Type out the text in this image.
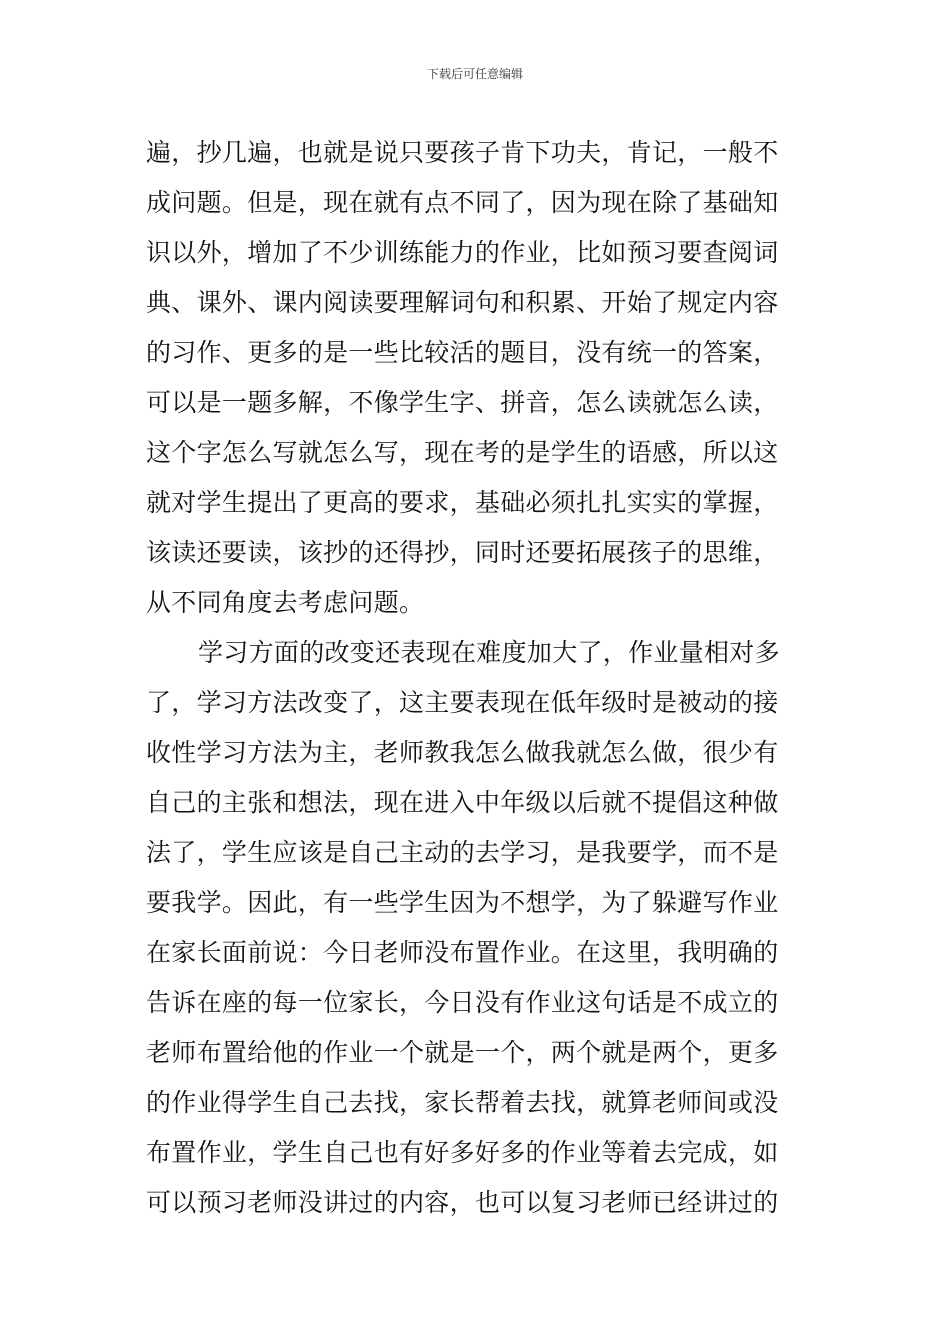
下载后可任意编辑
遍，抄几遍，也就是说只要孩子肯下功夫，肯记，一般不
成问题。但是，现在就有点不同了，因为现在除了基础知
识以外，增加了不少训练能力的作业，比如预习要查阅词
典、课外、课内阅读要理解词句和积累、开始了规定内容
的习作、更多的是一些比较活的题目，没有统一的答案，
可以是一题多解，不像学生字、拼音，怎么读就怎么读，
这个字怎么写就怎么写，现在考的是学生的语感，所以这
就对学生提出了更高的要求，基础必须扎扎实实的掌握，
该读还要读，该抄的还得抄，同时还要拓展孩子的思维，
从不同角度去考虑问题。
学习方面的改变还表现在难度加大了，作业量相对多
了，学习方法改变了，这主要表现在低年级时是被动的接
收性学习方法为主，老师教我怎么做我就怎么做，很少有
自己的主张和想法，现在进入中年级以后就不提倡这种做
法了，学生应该是自己主动的去学习，是我要学，而不是
要我学。因此，有一些学生因为不想学，为了躲避写作业
在家长面前说：今日老师没布置作业。在这里，我明确的
告诉在座的每一位家长，今日没有作业这句话是不成立的
老师布置给他的作业一个就是一个，两个就是两个，更多
的作业得学生自己去找，家长帮着去找，就算老师间或没
布置作业，学生自己也有好多好多的作业等着去完成，如
可以预习老师没讲过的内容，也可以复习老师已经讲过的
